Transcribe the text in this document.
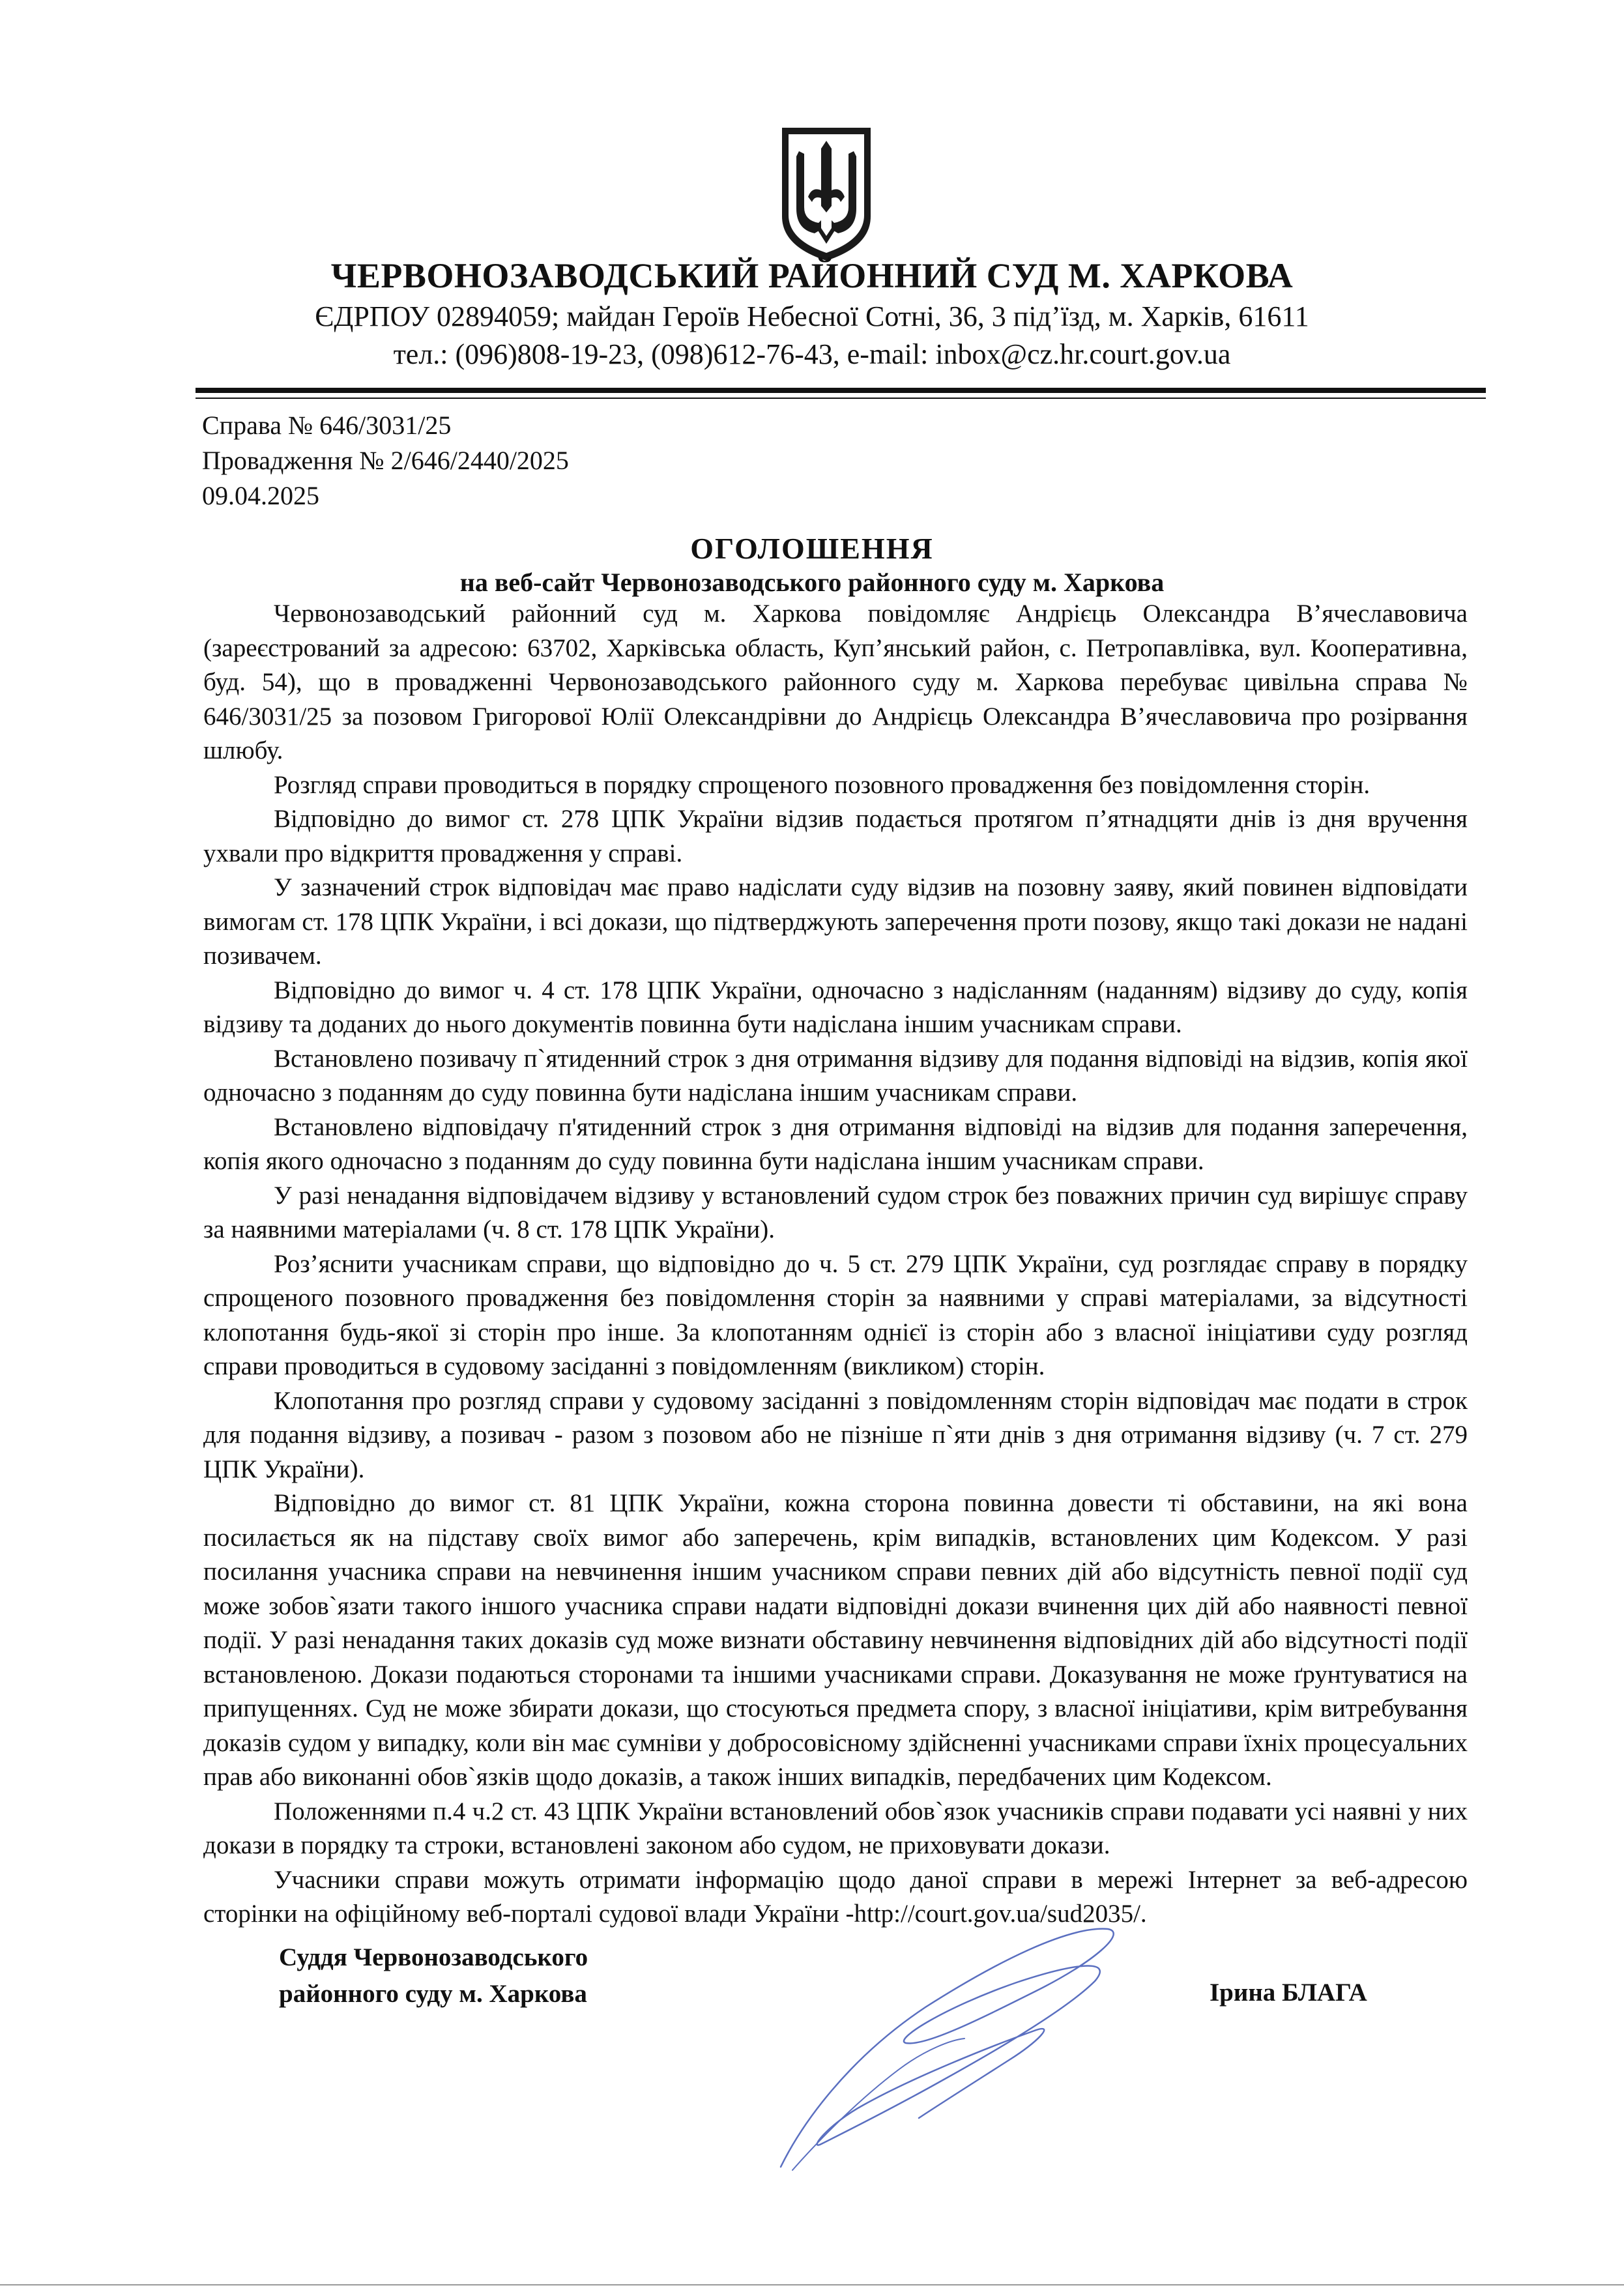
ЧЕРВОНОЗАВОДСЬКИЙ РАЙОННИЙ СУД М. ХАРКОВА
ЄДРПОУ 02894059; майдан Героїв Небесної Сотні, 36, 3 під’їзд, м. Харків, 61611
тел.: (096)808-19-23, (098)612-76-43, e-mail: inbox@cz.hr.court.gov.ua
Справа № 646/3031/25
Провадження № 2/646/2440/2025
09.04.2025
ОГОЛОШЕННЯ
на веб-сайт Червонозаводського районного суду м. Харкова

Червонозаводський районний суд м. Харкова повідомляє Андрієць Олександра В’ячеславовича (зареєстрований за адресою: 63702, Харківська область, Куп’янський район, с. Петропавлівка, вул. Кооперативна, буд. 54), що в провадженні Червонозаводського районного суду м. Харкова перебуває цивільна справа № 646/3031/25 за позовом Григорової Юлії Олександрівни до Андрієць Олександра В’ячеславовича про розірвання шлюбу.

Розгляд справи проводиться в порядку спрощеного позовного провадження без повідомлення сторін.

Відповідно до вимог ст. 278 ЦПК України відзив подається протягом п’ятнадцяти днів із дня вручення ухвали про відкриття провадження у справі.

У зазначений строк відповідач має право надіслати суду відзив на позовну заяву, який повинен відповідати вимогам ст. 178 ЦПК України, і всі докази, що підтверджують заперечення проти позову, якщо такі докази не надані позивачем.

Відповідно до вимог ч. 4 ст. 178 ЦПК України, одночасно з надісланням (наданням) відзиву до суду, копія відзиву та доданих до нього документів повинна бути надіслана іншим учасникам справи.

Встановлено позивачу п`ятиденний строк з дня отримання відзиву для подання відповіді на відзив, копія якої одночасно з поданням до суду повинна бути надіслана іншим учасникам справи.

Встановлено відповідачу п'ятиденний строк з дня отримання відповіді на відзив для подання заперечення, копія якого одночасно з поданням до суду повинна бути надіслана іншим учасникам справи.

У разі ненадання відповідачем відзиву у встановлений судом строк без поважних причин суд вирішує справу за наявними матеріалами (ч. 8 ст. 178 ЦПК України).

Роз’яснити учасникам справи, що відповідно до ч. 5 ст. 279 ЦПК України, суд розглядає справу в порядку спрощеного позовного провадження без повідомлення сторін за наявними у справі матеріалами, за відсутності клопотання будь-якої зі сторін про інше. За клопотанням однієї із сторін або з власної ініціативи суду розгляд справи проводиться в судовому засіданні з повідомленням (викликом) сторін.

Клопотання про розгляд справи у судовому засіданні з повідомленням сторін відповідач має подати в строк для подання відзиву, а позивач - разом з позовом або не пізніше п`яти днів з дня отримання відзиву (ч. 7 ст. 279 ЦПК України).

Відповідно до вимог ст. 81 ЦПК України, кожна сторона повинна довести ті обставини, на які вона посилається як на підставу своїх вимог або заперечень, крім випадків, встановлених цим Кодексом. У разі посилання учасника справи на невчинення іншим учасником справи певних дій або відсутність певної події суд може зобов`язати такого іншого учасника справи надати відповідні докази вчинення цих дій або наявності певної події. У разі ненадання таких доказів суд може визнати обставину невчинення відповідних дій або відсутності події встановленою. Докази подаються сторонами та іншими учасниками справи. Доказування не може ґрунтуватися на припущеннях. Суд не може збирати докази, що стосуються предмета спору, з власної ініціативи, крім витребування доказів судом у випадку, коли він має сумніви у добросовісному здійсненні учасниками справи їхніх процесуальних прав або виконанні обов`язків щодо доказів, а також інших випадків, передбачених цим Кодексом.

Положеннями п.4 ч.2 ст. 43 ЦПК України встановлений обов`язок учасників справи подавати усі наявні у них докази в порядку та строки, встановлені законом або судом, не приховувати докази.

Учасники справи можуть отримати інформацію щодо даної справи в мережі Інтернет за веб-адресою сторінки на офіційному веб-порталі судової влади України -http://court.gov.ua/sud2035/.

Суддя Червонозаводського
районного суду м. Харкова	Ірина БЛАГА
